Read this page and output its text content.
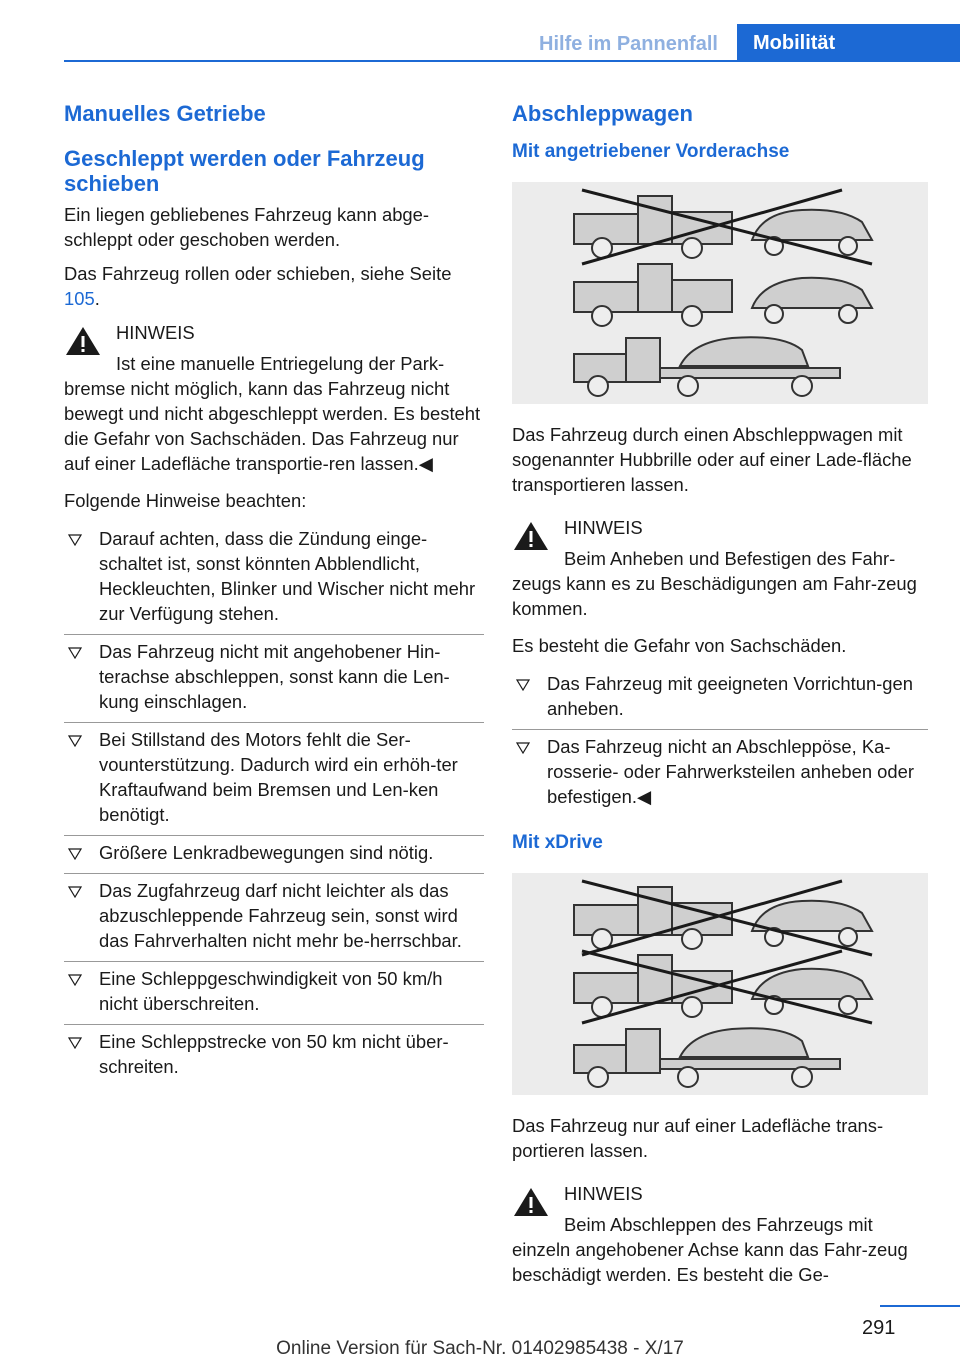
Hilfe im Pannenfall	Mobilität
Manuelles Getriebe
Geschleppt werden oder Fahrzeug schieben

Ein liegen gebliebenes Fahrzeug kann abge‐schleppt oder geschoben werden.

Das Fahrzeug rollen oder schieben, siehe Seite 105.

HINWEIS

Ist eine manuelle Entriegelung der Park‐bremse nicht möglich, kann das Fahrzeug nicht bewegt und nicht abgeschleppt werden. Es besteht die Gefahr von Sachschäden. Das Fahrzeug nur auf einer Ladefläche transportie‐ren lassen.◀

Folgende Hinweise beachten:

Darauf achten, dass die Zündung einge‐schaltet ist, sonst könnten Abblendlicht, Heckleuchten, Blinker und Wischer nicht mehr zur Verfügung stehen.
Das Fahrzeug nicht mit angehobener Hin‐terachse abschleppen, sonst kann die Len‐kung einschlagen.
Bei Stillstand des Motors fehlt die Ser‐vounterstützung. Dadurch wird ein erhöh‐ter Kraftaufwand beim Bremsen und Len‐ken benötigt.
Größere Lenkradbewegungen sind nötig.
Das Zugfahrzeug darf nicht leichter als das abzuschleppende Fahrzeug sein, sonst wird das Fahrverhalten nicht mehr be‐herrschbar.
Eine Schleppgeschwindigkeit von 50 km/h nicht überschreiten.
Eine Schleppstrecke von 50 km nicht über‐schreiten.
Abschleppwagen
Mit angetriebener Vorderachse

Das Fahrzeug durch einen Abschleppwagen mit sogenannter Hubbrille oder auf einer Lade‐fläche transportieren lassen.

HINWEIS

Beim Anheben und Befestigen des Fahr‐zeugs kann es zu Beschädigungen am Fahr‐zeug kommen.

Es besteht die Gefahr von Sachschäden.

Das Fahrzeug mit geeigneten Vorrichtun‐gen anheben.
Das Fahrzeug nicht an Abschleppöse, Ka‐rosserie- oder Fahrwerksteilen anheben oder befestigen.◀
Mit xDrive

Das Fahrzeug nur auf einer Ladefläche trans‐portieren lassen.

HINWEIS

Beim Abschleppen des Fahrzeugs mit einzeln angehobener Achse kann das Fahr‐zeug beschädigt werden. Es besteht die Ge‐

291
Online Version für Sach-Nr. 01402985438 - X/17
